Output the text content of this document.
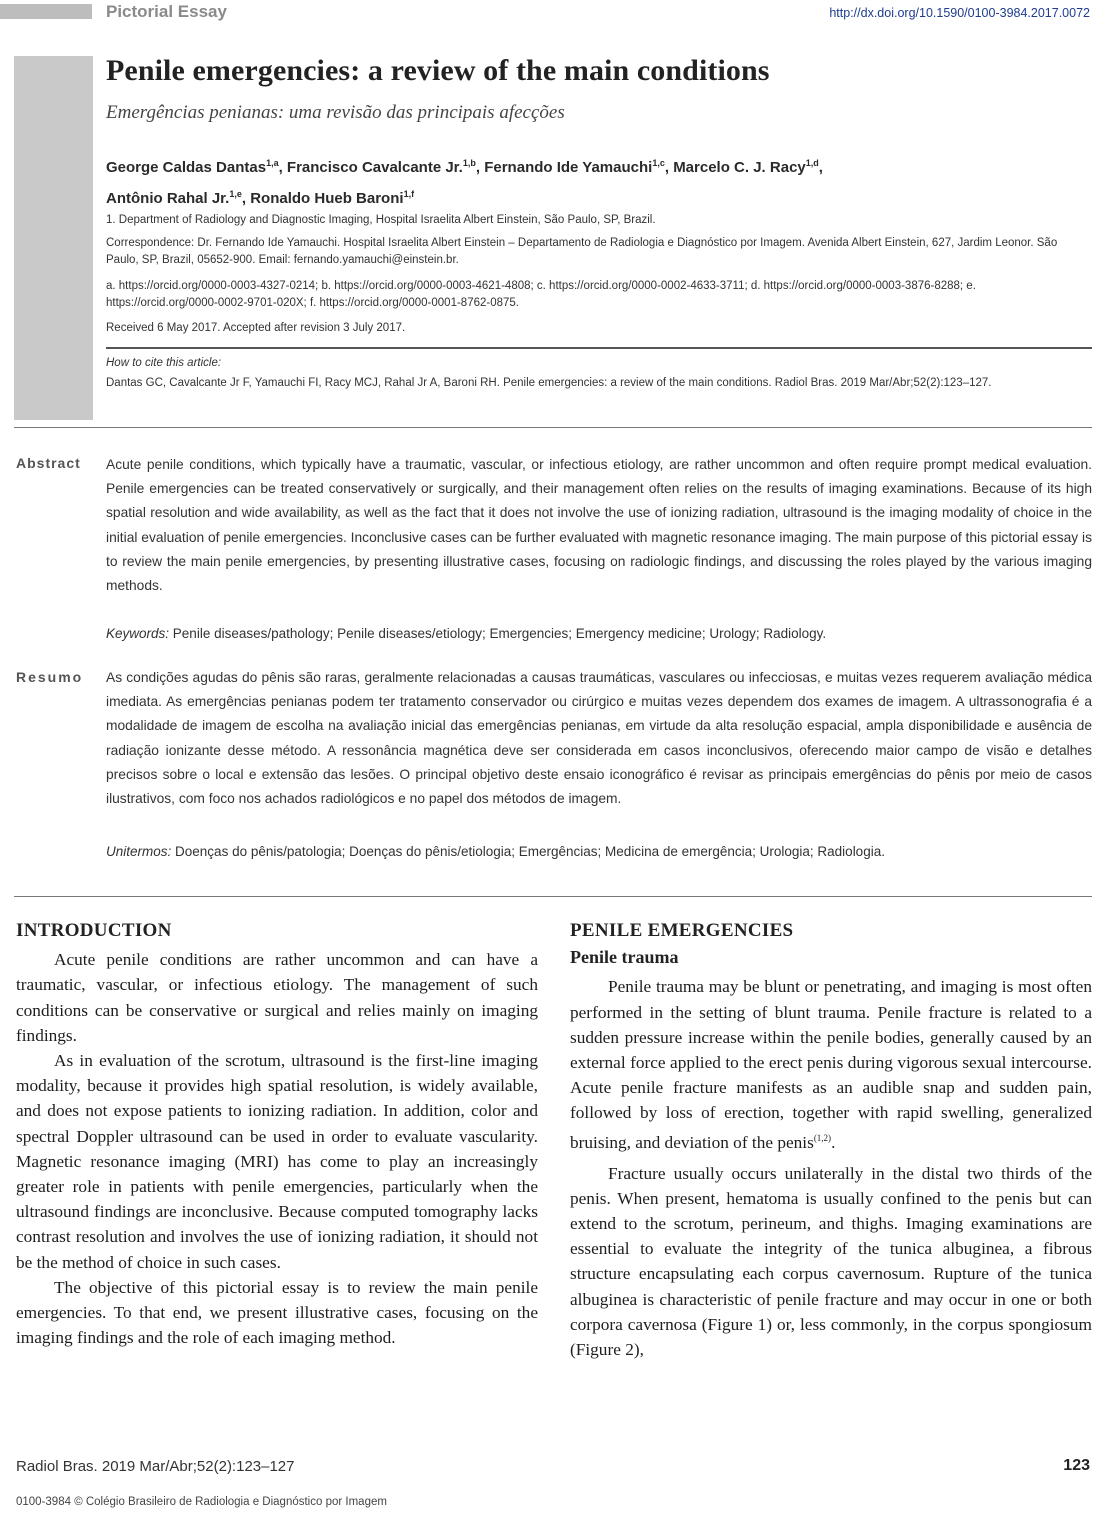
Pictorial Essay	http://dx.doi.org/10.1590/0100-3984.2017.0072
Penile emergencies: a review of the main conditions
Emergências penianas: uma revisão das principais afecções
George Caldas Dantas$^{1,a}$, Francisco Cavalcante Jr.$^{1,b}$, Fernando Ide Yamauchi$^{1,c}$, Marcelo C. J. Racy$^{1,d}$,
Antônio Rahal Jr.$^{1,e}$, Ronaldo Hueb Baroni$^{1,f}$
1. Department of Radiology and Diagnostic Imaging, Hospital Israelita Albert Einstein, São Paulo, SP, Brazil.
Correspondence: Dr. Fernando Ide Yamauchi. Hospital Israelita Albert Einstein – Departamento de Radiologia e Diagnóstico por Imagem. Avenida Albert Einstein, 627, Jardim Leonor. São Paulo, SP, Brazil, 05652-900. Email: fernando.yamauchi@einstein.br.
a. https://orcid.org/0000-0003-4327-0214; b. https://orcid.org/0000-0003-4621-4808; c. https://orcid.org/0000-0002-4633-3711; d. https://orcid.org/0000-0003-3876-8288; e. https://orcid.org/0000-0002-9701-020X; f. https://orcid.org/0000-0001-8762-0875.
Received 6 May 2017. Accepted after revision 3 July 2017.
How to cite this article:
Dantas GC, Cavalcante Jr F, Yamauchi FI, Racy MCJ, Rahal Jr A, Baroni RH. Penile emergencies: a review of the main conditions. Radiol Bras. 2019 Mar/Abr;52(2):123–127.
Abstract Acute penile conditions, which typically have a traumatic, vascular, or infectious etiology, are rather uncommon and often require prompt medical evaluation. Penile emergencies can be treated conservatively or surgically, and their management often relies on the results of imaging examinations. Because of its high spatial resolution and wide availability, as well as the fact that it does not involve the use of ionizing radiation, ultrasound is the imaging modality of choice in the initial evaluation of penile emergencies. Inconclusive cases can be further evaluated with magnetic resonance imaging. The main purpose of this pictorial essay is to review the main penile emergencies, by presenting illustrative cases, focusing on radiologic findings, and discussing the roles played by the various imaging methods.
Keywords: Penile diseases/pathology; Penile diseases/etiology; Emergencies; Emergency medicine; Urology; Radiology.
Resumo As condições agudas do pênis são raras, geralmente relacionadas a causas traumáticas, vasculares ou infecciosas, e muitas vezes requerem avaliação médica imediata. As emergências penianas podem ter tratamento conservador ou cirúrgico e muitas vezes dependem dos exames de imagem. A ultrassonografia é a modalidade de imagem de escolha na avaliação inicial das emergências penianas, em virtude da alta resolução espacial, ampla disponibilidade e ausência de radiação ionizante desse método. A ressonância magnética deve ser considerada em casos inconclusivos, oferecendo maior campo de visão e detalhes precisos sobre o local e extensão das lesões. O principal objetivo deste ensaio iconográfico é revisar as principais emergências do pênis por meio de casos ilustrativos, com foco nos achados radiológicos e no papel dos métodos de imagem.
Unitermos: Doenças do pênis/patologia; Doenças do pênis/etiologia; Emergências; Medicina de emergência; Urologia; Radiologia.
INTRODUCTION

Acute penile conditions are rather uncommon and can have a traumatic, vascular, or infectious etiology. The management of such conditions can be conservative or surgical and relies mainly on imaging findings.

As in evaluation of the scrotum, ultrasound is the first-line imaging modality, because it provides high spatial resolution, is widely available, and does not expose patients to ionizing radiation. In addition, color and spectral Doppler ultrasound can be used in order to evaluate vascularity. Magnetic resonance imaging (MRI) has come to play an increasingly greater role in patients with penile emergencies, particularly when the ultrasound findings are inconclusive. Because computed tomography lacks contrast resolution and involves the use of ionizing radiation, it should not be the method of choice in such cases.

The objective of this pictorial essay is to review the main penile emergencies. To that end, we present illustrative cases, focusing on the imaging findings and the role of each imaging method.

PENILE EMERGENCIES
Penile trauma

Penile trauma may be blunt or penetrating, and imaging is most often performed in the setting of blunt trauma. Penile fracture is related to a sudden pressure increase within the penile bodies, generally caused by an external force applied to the erect penis during vigorous sexual intercourse. Acute penile fracture manifests as an audible snap and sudden pain, followed by loss of erection, together with rapid swelling, generalized bruising, and deviation of the penis$^{(1,2)}$.

Fracture usually occurs unilaterally in the distal two thirds of the penis. When present, hematoma is usually confined to the penis but can extend to the scrotum, perineum, and thighs. Imaging examinations are essential to evaluate the integrity of the tunica albuginea, a fibrous structure encapsulating each corpus cavernosum. Rupture of the tunica albuginea is characteristic of penile fracture and may occur in one or both corpora cavernosa (Figure 1) or, less commonly, in the corpus spongiosum (Figure 2),

Radiol Bras. 2019 Mar/Abr;52(2):123–127	123
0100-3984 © Colégio Brasileiro de Radiologia e Diagnóstico por Imagem
